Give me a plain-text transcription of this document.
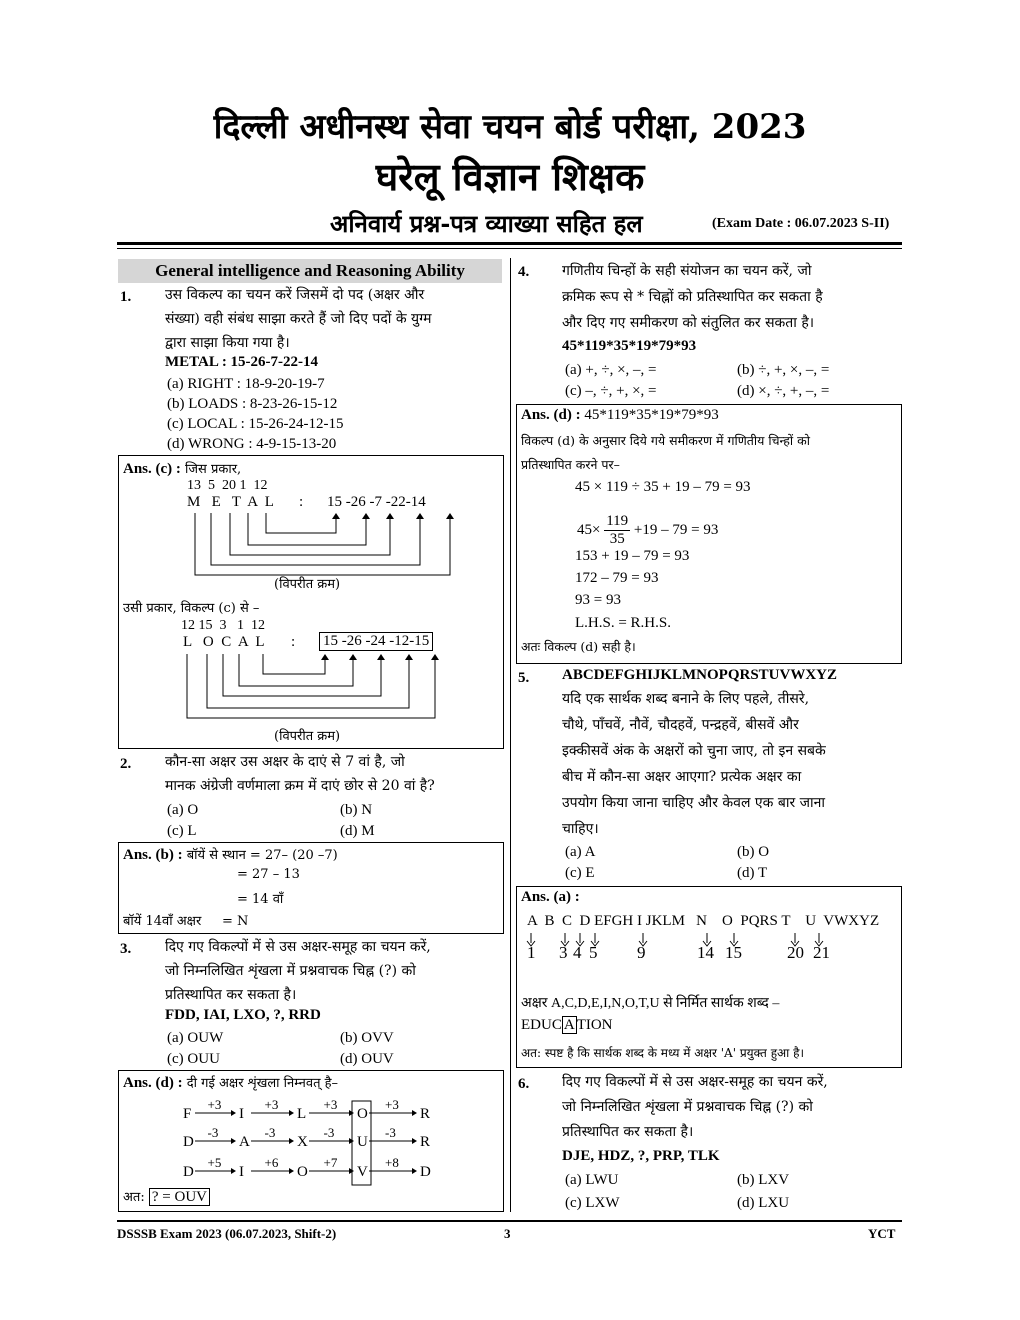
दिल्ली अधीनस्थ सेवा चयन बोर्ड परीक्षा, 2023
घरेलू विज्ञान शिक्षक
अनिवार्य प्रश्न-पत्र व्याख्या सहित हल	(Exam Date : 06.07.2023 S-II)
General intelligence and Reasoning Ability
1. उस विकल्प का चयन करें जिसमें दो पद (अक्षर और
संख्या) वही संबंध साझा करते हैं जो दिए पदों के युग्म
द्वारा साझा किया गया है।
METAL : 15-26-7-22-14
(a) RIGHT : 18-9-20-19-7
(b) LOADS : 8-23-26-15-12
(c) LOCAL : 15-26-24-12-15
(d) WRONG : 4-9-15-13-20
Ans. (c) : जिस प्रकार,
13  5  20 1  12
M   E   T  A  L : 15 -26 -7 -22-14
(विपरीत क्रम)
उसी प्रकार, विकल्प (c) से –
12 15  3   1  12
L   O  C  A  L : 15 -26 -24 -12-15
(विपरीत क्रम)
2. कौन-सा अक्षर उस अक्षर के दाएं से 7 वां है, जो
मानक अंग्रेजी वर्णमाला क्रम में दाएं छोर से 20 वां है?
(a) O
(c) L
(b) N
(d) M
Ans. (b) : बॉयें से स्थान = 27– (20 –7)
= 27 – 13
= 14 वाँ
बॉयें 14वाँ अक्षर     = N
3. दिए गए विकल्पों में से उस अक्षर-समूह का चयन करें,
जो निम्नलिखित शृंखला में प्रश्नवाचक चिह्न (?) को
प्रतिस्थापित कर सकता है।
FDD, IAI, LXO, ?, RRD
(a) OUW
(c) OUU
(b) OVV
(d) OUV
Ans. (d) : दी गई अक्षर शृंखला निम्नवत् है–
F	I	L	O	R
+3	+3	+3	+3
D	A	X	U	R
-3	-3	-3	-3
D	I	O	V	D
+5	+6	+7	+8
अत: ? = OUV
4. गणितीय चिन्हों के सही संयोजन का चयन करें, जो
क्रमिक रूप से * चिह्नों को प्रतिस्थापित कर सकता है
और दिए गए समीकरण को संतुलित कर सकता है।
45*119*35*19*79*93
(a) +, ÷, ×, –, =
(c) –, ÷, +, ×, =
(b) ÷, +, ×, –, =
(d) ×, ÷, +, –, =
Ans. (d) : 45*119*35*19*79*93
विकल्प (d) के अनुसार दिये गये समीकरण में गणितीय चिन्हों को
प्रतिस्थापित करने पर–
45 × 119 ÷ 35 + 19 – 79 = 93
$45\times \frac{119}{35} +19 - 79 = 93$
153 + 19 – 79 = 93
172 – 79 = 93
93 = 93
L.H.S. = R.H.S.
अतः विकल्प (d) सही है।
5. ABCDEFGHIJKLMNOPQRSTUVWXYZ
यदि एक सार्थक शब्द बनाने के लिए पहले, तीसरे,
चौथे, पाँचवें, नौवें, चौदहवें, पन्द्रहवें, बीसवें और
इक्कीसवें अंक के अक्षरों को चुना जाए, तो इन सबके
बीच में कौन-सा अक्षर आएगा? प्रत्येक अक्षर का
उपयोग किया जाना चाहिए और केवल एक बार जाना
चाहिए।
(a) A
(c) E
(b) O
(d) T
Ans. (a) :
A  B  C  D EFGH I JKLM   N    O  PQRS T    U  VWXYZ
1 3 4 5 9	14 15	20 21
अक्षर A,C,D,E,I,N,O,T,U से निर्मित सार्थक शब्द –
EDUC A TION
अत: स्पष्ट है कि सार्थक शब्द के मध्य में अक्षर 'A' प्रयुक्त हुआ है।
6. दिए गए विकल्पों में से उस अक्षर-समूह का चयन करें,
जो निम्नलिखित शृंखला में प्रश्नवाचक चिह्न (?) को
प्रतिस्थापित कर सकता है।
DJE, HDZ, ?, PRP, TLK
(a) LWU
(c) LXW
(b) LXV
(d) LXU
DSSSB Exam 2023 (06.07.2023, Shift-2)	3	YCT
